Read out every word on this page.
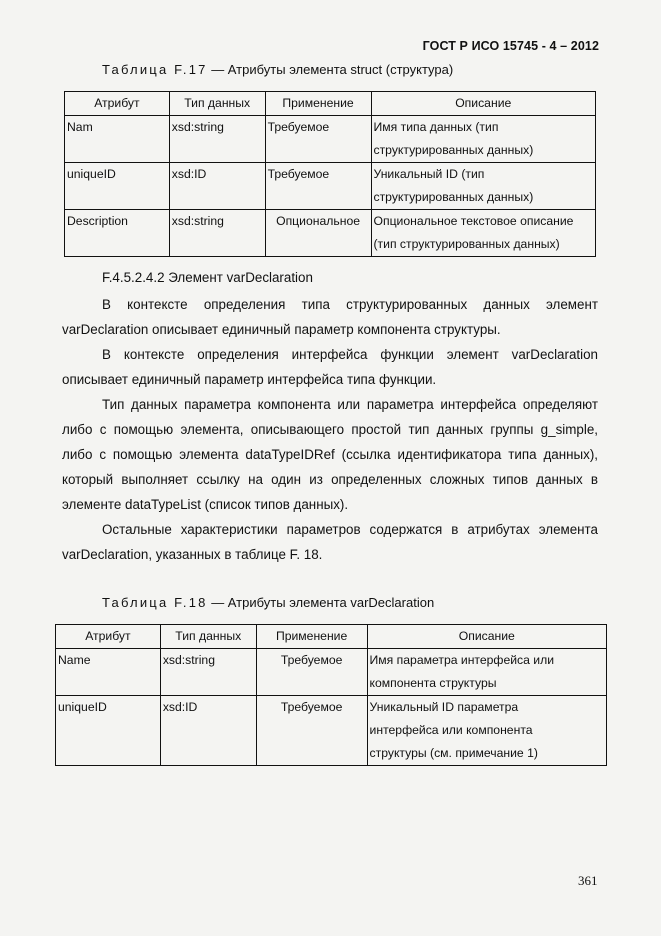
ГОСТ Р ИСО 15745 - 4 – 2012
Таблица F.17 — Атрибуты элемента struct (структура)
Атрибут	Тип данных	Применение	Описание
Nam	xsd:string	Требуемое	Имя типа данных (тип
структурированных данных)
uniqueID	xsd:ID	Требуемое	Уникальный ID (тип
структурированных данных)
Description	xsd:string	Опциональное	Опциональное текстовое описание
(тип структурированных данных)
F.4.5.2.4.2 Элемент varDeclaration

В контексте определения типа структурированных данных элемент varDeclaration описывает единичный параметр компонента структуры.

В контексте определения интерфейса функции элемент varDeclaration описывает единичный параметр интерфейса типа функции.

Тип данных параметра компонента или параметра интерфейса определяют либо с помощью элемента, описывающего простой тип данных группы g_simple, либо с помощью элемента dataTypeIDRef (ссылка идентификатора типа данных), который выполняет ссылку на один из определенных сложных типов данных в элементе dataTypeList (список типов данных).

Остальные характеристики параметров содержатся в атрибутах элемента varDeclaration, указанных в таблице F. 18.

Таблица F.18 — Атрибуты элемента varDeclaration
Атрибут	Тип данных	Применение	Описание
Name	xsd:string	Требуемое	Имя параметра интерфейса или
компонента структуры
uniqueID	xsd:ID	Требуемое	Уникальный ID параметра
интерфейса или компонента
структуры (см. примечание 1)
361
